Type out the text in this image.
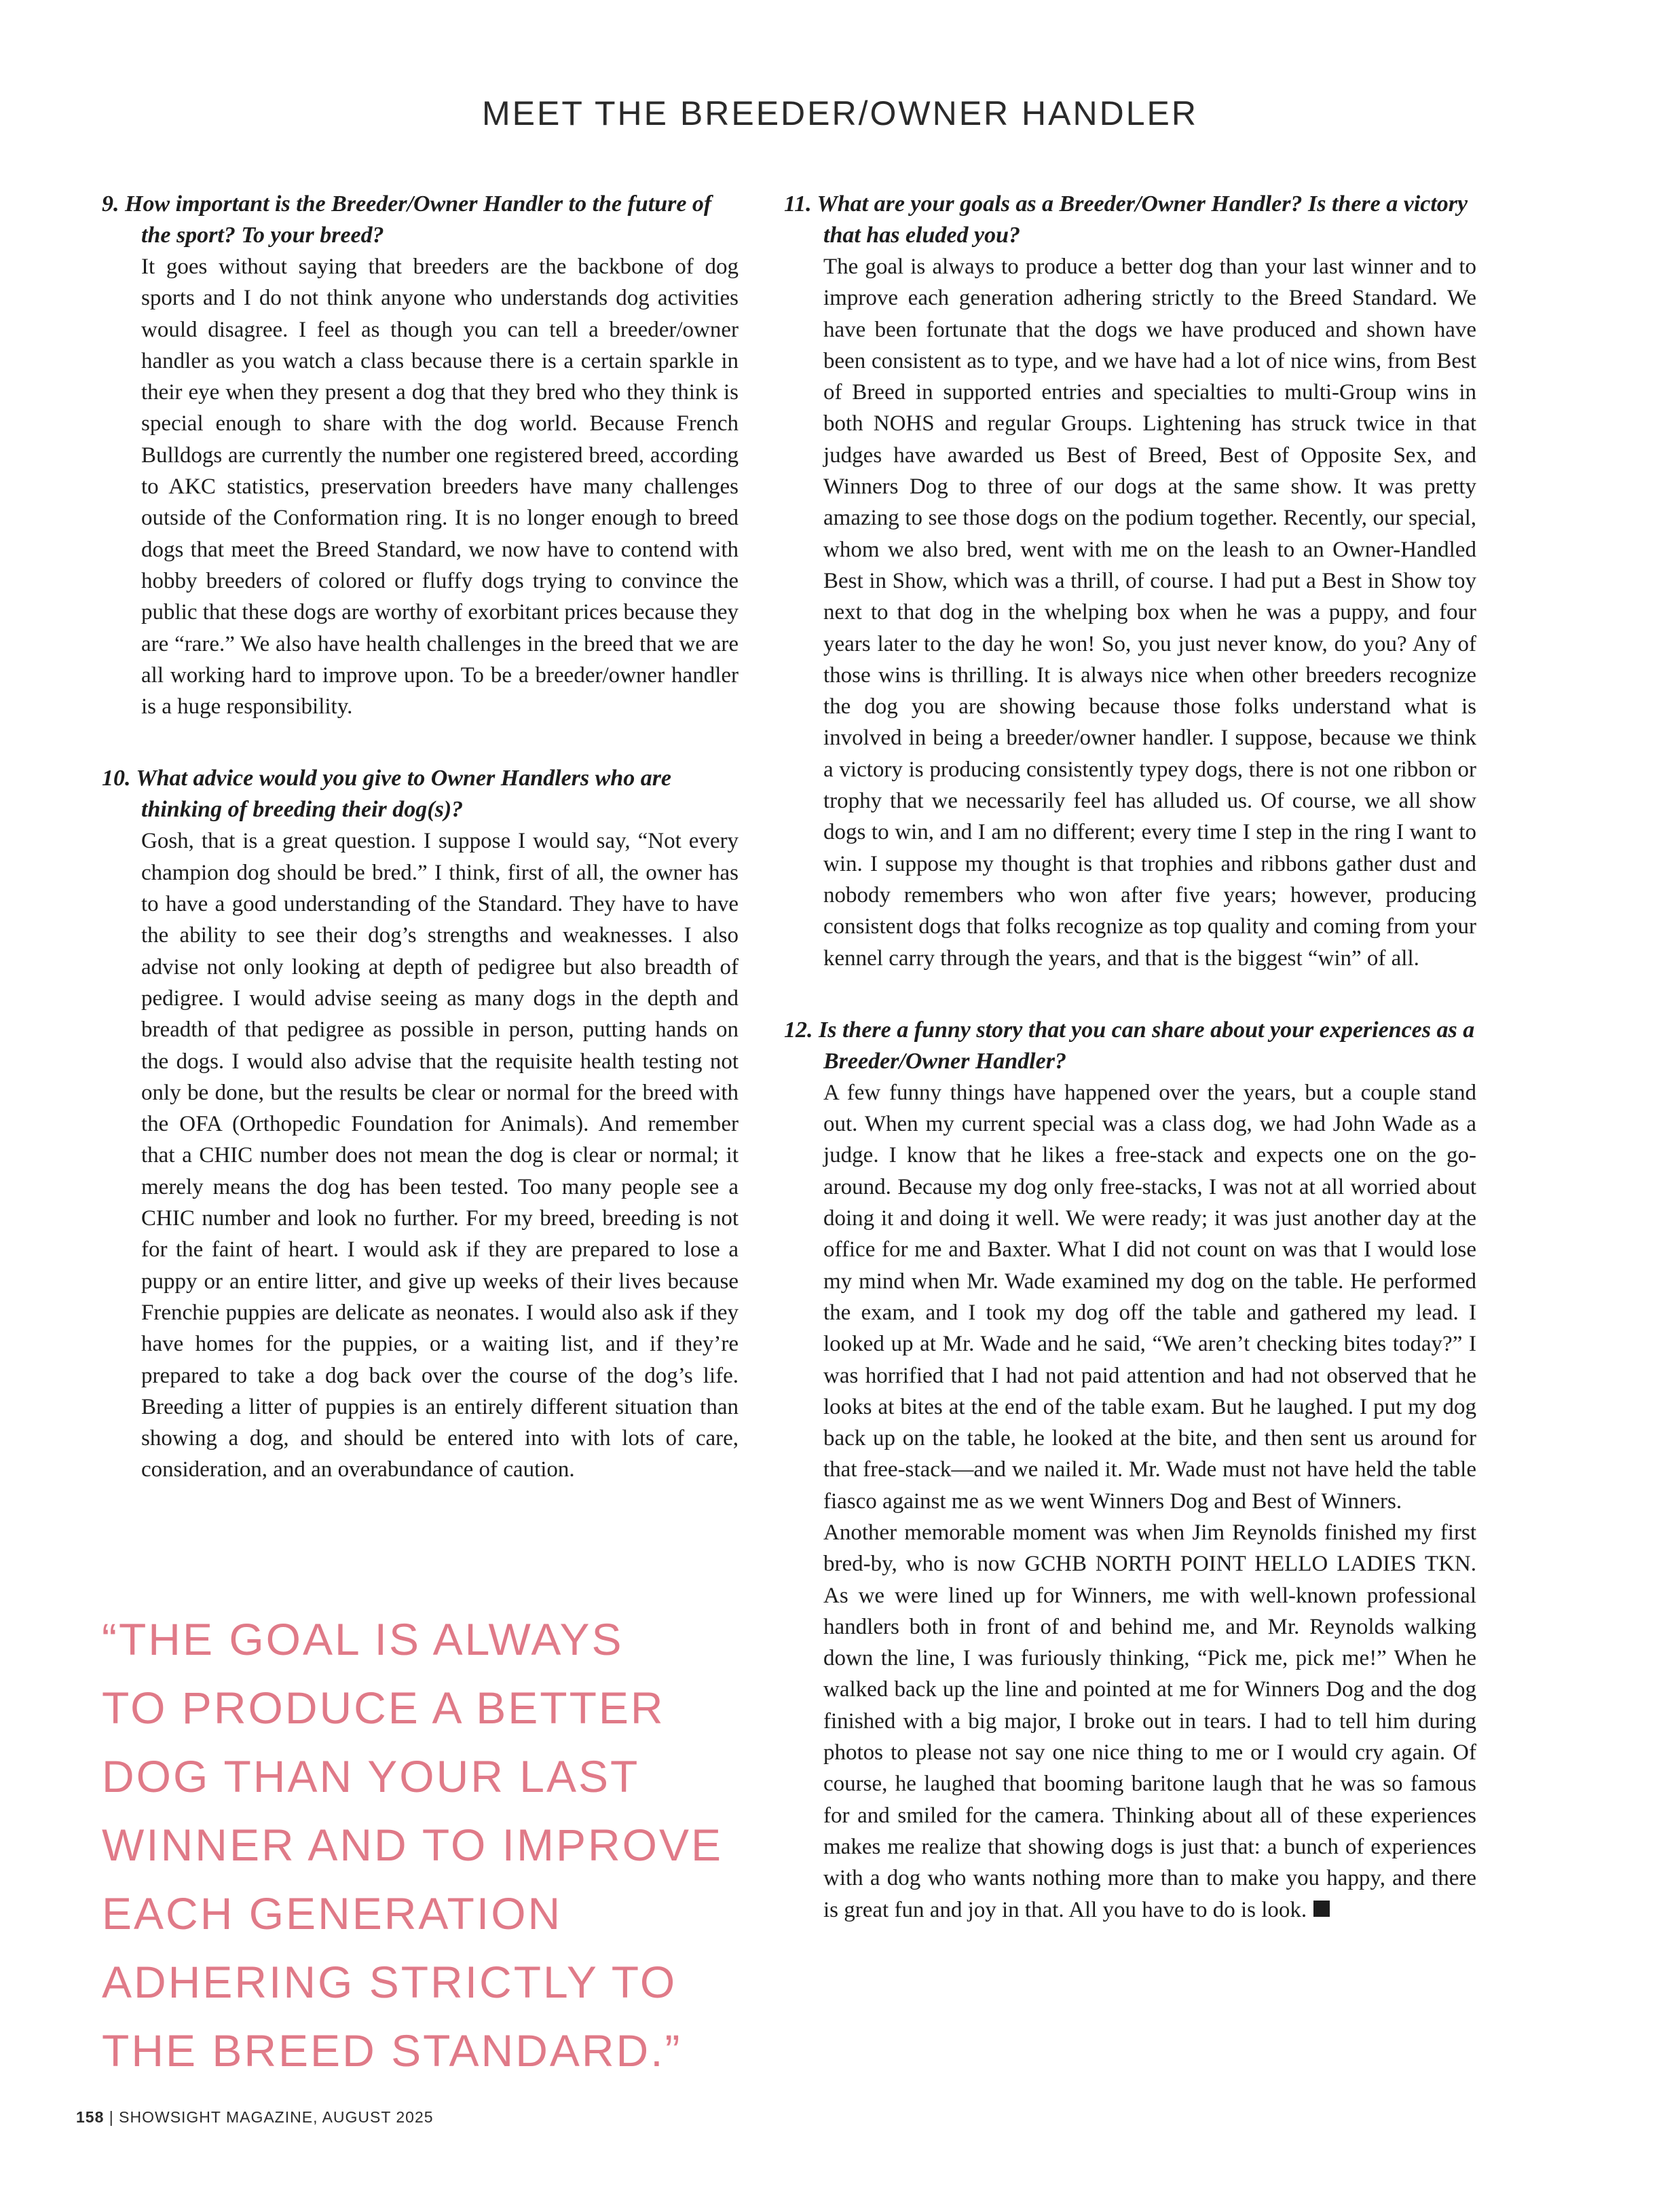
MEET THE BREEDER/OWNER HANDLER

9. How important is the Breeder/Owner Handler to the future of the sport? To your breed?

It goes without saying that breeders are the backbone of dog sports and I do not think anyone who understands dog activities would disagree. I feel as though you can tell a breeder/owner handler as you watch a class because there is a certain sparkle in their eye when they present a dog that they bred who they think is special enough to share with the dog world. Because French Bulldogs are currently the number one registered breed, according to AKC statistics, preservation breeders have many challenges outside of the Conformation ring. It is no longer enough to breed dogs that meet the Breed Standard, we now have to contend with hobby breeders of colored or fluffy dogs trying to convince the public that these dogs are worthy of exorbitant prices because they are “rare.” We also have health challenges in the breed that we are all working hard to improve upon. To be a breeder/owner handler is a huge responsibility.

10. What advice would you give to Owner Handlers who are thinking of breeding their dog(s)?

Gosh, that is a great question. I suppose I would say, “Not every champion dog should be bred.” I think, first of all, the owner has to have a good understanding of the Standard. They have to have the ability to see their dog’s strengths and weaknesses. I also advise not only looking at depth of pedigree but also breadth of pedigree. I would advise seeing as many dogs in the depth and breadth of that pedigree as possible in person, putting hands on the dogs. I would also advise that the requisite health testing not only be done, but the results be clear or normal for the breed with the OFA (Orthopedic Foundation for Animals). And remember that a CHIC number does not mean the dog is clear or normal; it merely means the dog has been tested. Too many people see a CHIC number and look no further. For my breed, breeding is not for the faint of heart. I would ask if they are prepared to lose a puppy or an entire litter, and give up weeks of their lives because Frenchie puppies are delicate as neonates. I would also ask if they have homes for the puppies, or a waiting list, and if they’re prepared to take a dog back over the course of the dog’s life. Breeding a litter of puppies is an entirely different situation than showing a dog, and should be entered into with lots of care, consideration, and an overabundance of caution.

“THE GOAL IS ALWAYS
TO PRODUCE A BETTER
DOG THAN YOUR LAST
WINNER AND TO IMPROVE
EACH GENERATION
ADHERING STRICTLY TO
THE BREED STANDARD.”

11. What are your goals as a Breeder/Owner Handler? Is there a victory that has eluded you?

The goal is always to produce a better dog than your last winner and to improve each generation adhering strictly to the Breed Standard. We have been fortunate that the dogs we have produced and shown have been consistent as to type, and we have had a lot of nice wins, from Best of Breed in supported entries and specialties to multi-Group wins in both NOHS and regular Groups. Lightening has struck twice in that judges have awarded us Best of Breed, Best of Opposite Sex, and Winners Dog to three of our dogs at the same show. It was pretty amazing to see those dogs on the podium together. Recently, our special, whom we also bred, went with me on the leash to an Owner-Handled Best in Show, which was a thrill, of course. I had put a Best in Show toy next to that dog in the whelping box when he was a puppy, and four years later to the day he won! So, you just never know, do you? Any of those wins is thrilling. It is always nice when other breeders recognize the dog you are showing because those folks understand what is involved in being a breeder/owner handler. I suppose, because we think a victory is producing consistently typey dogs, there is not one ribbon or trophy that we necessarily feel has alluded us. Of course, we all show dogs to win, and I am no different; every time I step in the ring I want to win. I suppose my thought is that trophies and ribbons gather dust and nobody remembers who won after five years; however, producing consistent dogs that folks recognize as top quality and coming from your kennel carry through the years, and that is the biggest “win” of all.

12. Is there a funny story that you can share about your experiences as a Breeder/Owner Handler?

A few funny things have happened over the years, but a couple stand out. When my current special was a class dog, we had John Wade as a judge. I know that he likes a free-stack and expects one on the go-around. Because my dog only free-stacks, I was not at all worried about doing it and doing it well. We were ready; it was just another day at the office for me and Baxter. What I did not count on was that I would lose my mind when Mr. Wade examined my dog on the table. He performed the exam, and I took my dog off the table and gathered my lead. I looked up at Mr. Wade and he said, “We aren’t checking bites today?” I was horrified that I had not paid attention and had not observed that he looks at bites at the end of the table exam. But he laughed. I put my dog back up on the table, he looked at the bite, and then sent us around for that free-stack—and we nailed it. Mr. Wade must not have held the table fiasco against me as we went Winners Dog and Best of Winners.

Another memorable moment was when Jim Reynolds finished my first bred-by, who is now GCHB NORTH POINT HELLO LADIES TKN. As we were lined up for Winners, me with well-known professional handlers both in front of and behind me, and Mr. Reynolds walking down the line, I was furiously thinking, “Pick me, pick me!” When he walked back up the line and pointed at me for Winners Dog and the dog finished with a big major, I broke out in tears. I had to tell him during photos to please not say one nice thing to me or I would cry again. Of course, he laughed that booming baritone laugh that he was so famous for and smiled for the camera. Thinking about all of these experiences makes me realize that showing dogs is just that: a bunch of experiences with a dog who wants nothing more than to make you happy, and there is great fun and joy in that. All you have to do is look.

158 | SHOWSIGHT MAGAZINE, AUGUST 2025
